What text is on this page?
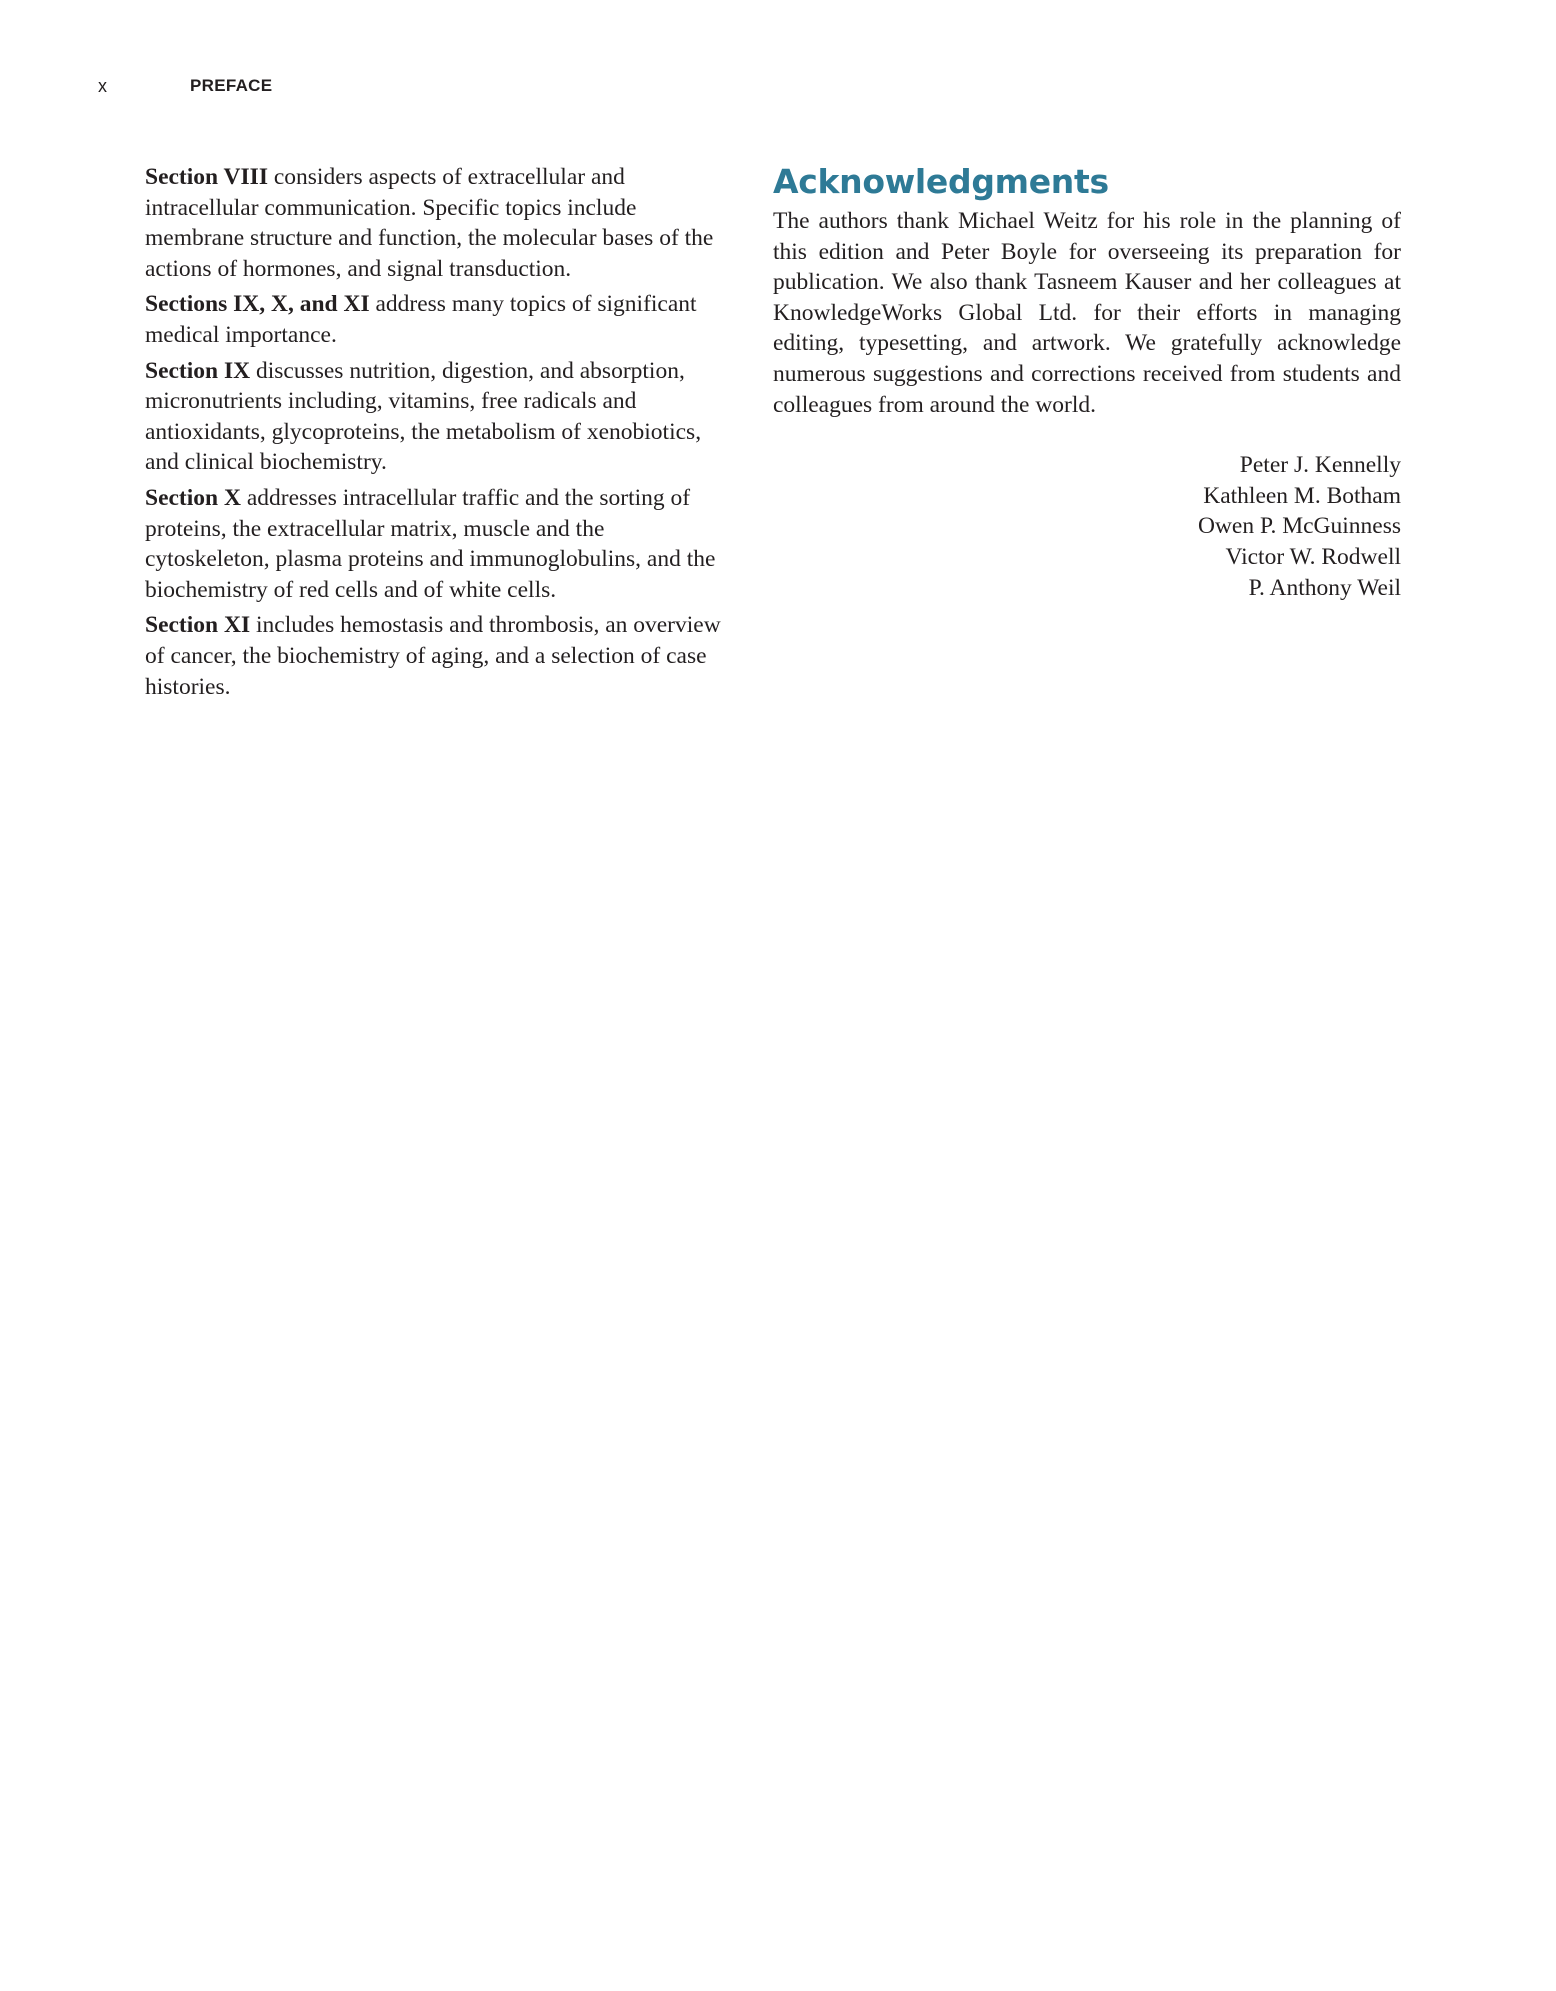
x	PREFACE

Section VIII considers aspects of extracellular and intracellular communication. Specific topics include membrane structure and function, the molecular bases of the actions of hormones, and signal transduction.

Sections IX, X, and XI address many topics of significant medical importance.

Section IX discusses nutrition, digestion, and absorption, micronutrients including, vitamins, free radicals and antioxidants, glycoproteins, the metabolism of xenobiotics, and clinical biochemistry.

Section X addresses intracellular traffic and the sorting of proteins, the extracellular matrix, muscle and the cytoskeleton, plasma proteins and immunoglobulins, and the biochemistry of red cells and of white cells.

Section XI includes hemostasis and thrombosis, an overview of cancer, the biochemistry of aging, and a selection of case histories.

Acknowledgments

The authors thank Michael Weitz for his role in the planning of this edition and Peter Boyle for overseeing its preparation for publication. We also thank Tasneem Kauser and her colleagues at KnowledgeWorks Global Ltd. for their efforts in managing editing, typesetting, and artwork. We gratefully acknowledge numerous suggestions and corrections received from students and colleagues from around the world.

Peter J. Kennelly
Kathleen M. Botham
Owen P. McGuinness
Victor W. Rodwell
P. Anthony Weil
